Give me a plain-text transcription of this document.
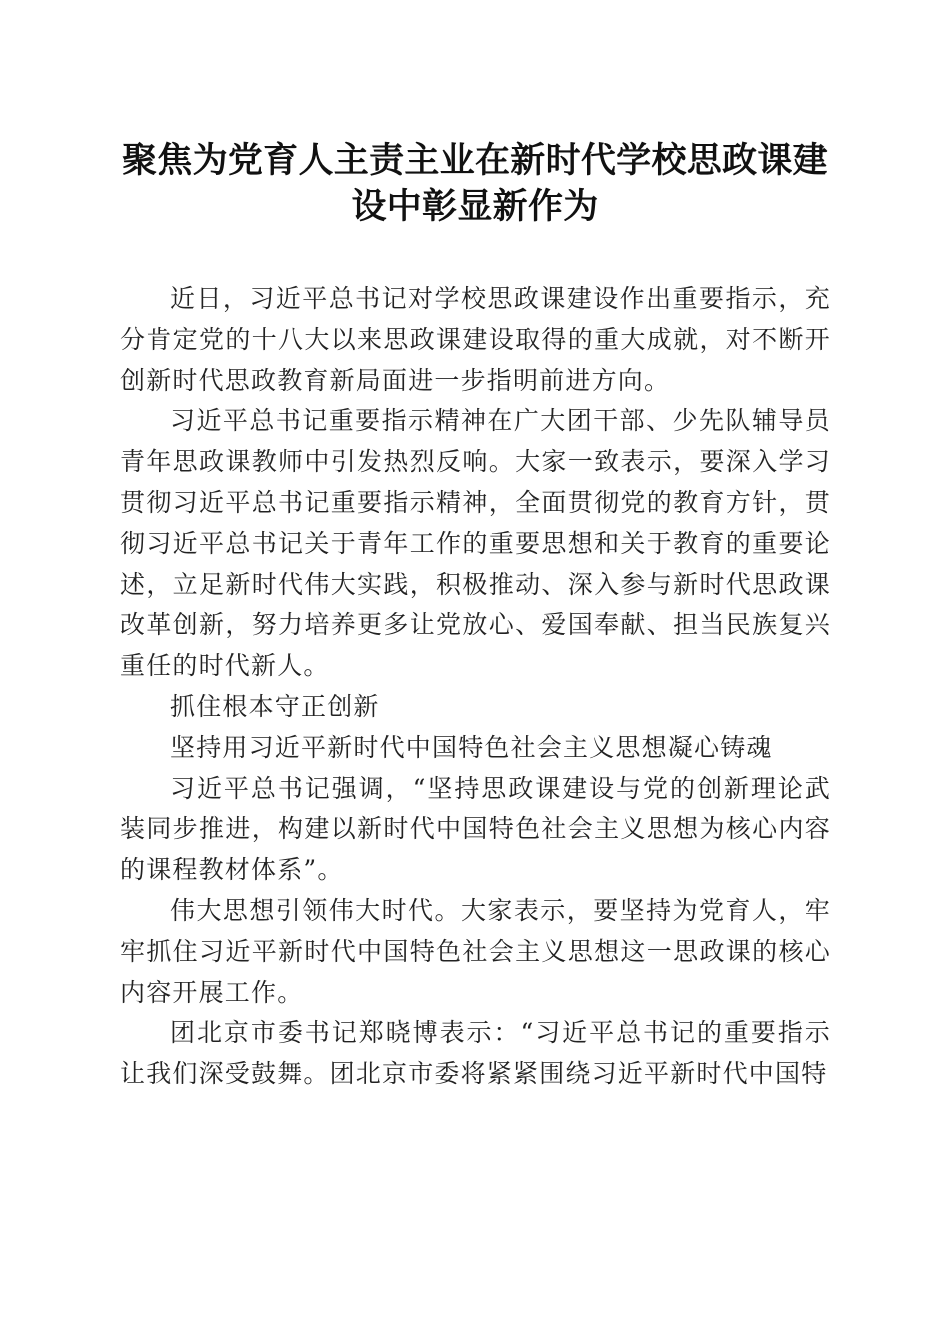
聚焦为党育人主责主业在新时代学校思政课建设中彰显新作为

近日，习近平总书记对学校思政课建设作出重要指示，充分肯定党的十八大以来思政课建设取得的重大成就，对不断开创新时代思政教育新局面进一步指明前进方向。

习近平总书记重要指示精神在广大团干部、少先队辅导员青年思政课教师中引发热烈反响。大家一致表示，要深入学习贯彻习近平总书记重要指示精神，全面贯彻党的教育方针，贯彻习近平总书记关于青年工作的重要思想和关于教育的重要论述，立足新时代伟大实践，积极推动、深入参与新时代思政课改革创新，努力培养更多让党放心、爱国奉献、担当民族复兴重任的时代新人。

抓住根本守正创新

坚持用习近平新时代中国特色社会主义思想凝心铸魂

习近平总书记强调，“坚持思政课建设与党的创新理论武装同步推进，构建以新时代中国特色社会主义思想为核心内容的课程教材体系”。

伟大思想引领伟大时代。大家表示，要坚持为党育人，牢牢抓住习近平新时代中国特色社会主义思想这一思政课的核心内容开展工作。

团北京市委书记郑晓博表示：“习近平总书记的重要指示让我们深受鼓舞。团北京市委将紧紧围绕习近平新时代中国特
